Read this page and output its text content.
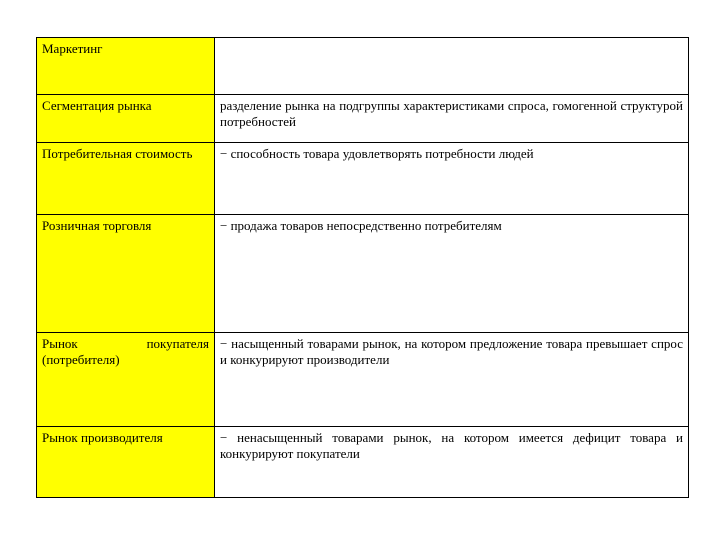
Маркетинг	
Сегментация рынка	разделение рынка на подгруппы характеристиками спроса, гомогенной структурой потребностей
Потребительная стоимость	− способность товара удовлетворять потребности людей
Розничная торговля	− продажа товаров непосредственно потребителям
Рынок покупателя (потребителя)	− насыщенный товарами рынок, на котором предложение товара превышает спрос и конкурируют производители
Рынок производителя	− ненасыщенный товарами рынок, на котором имеется дефицит товара и конкурируют покупатели
